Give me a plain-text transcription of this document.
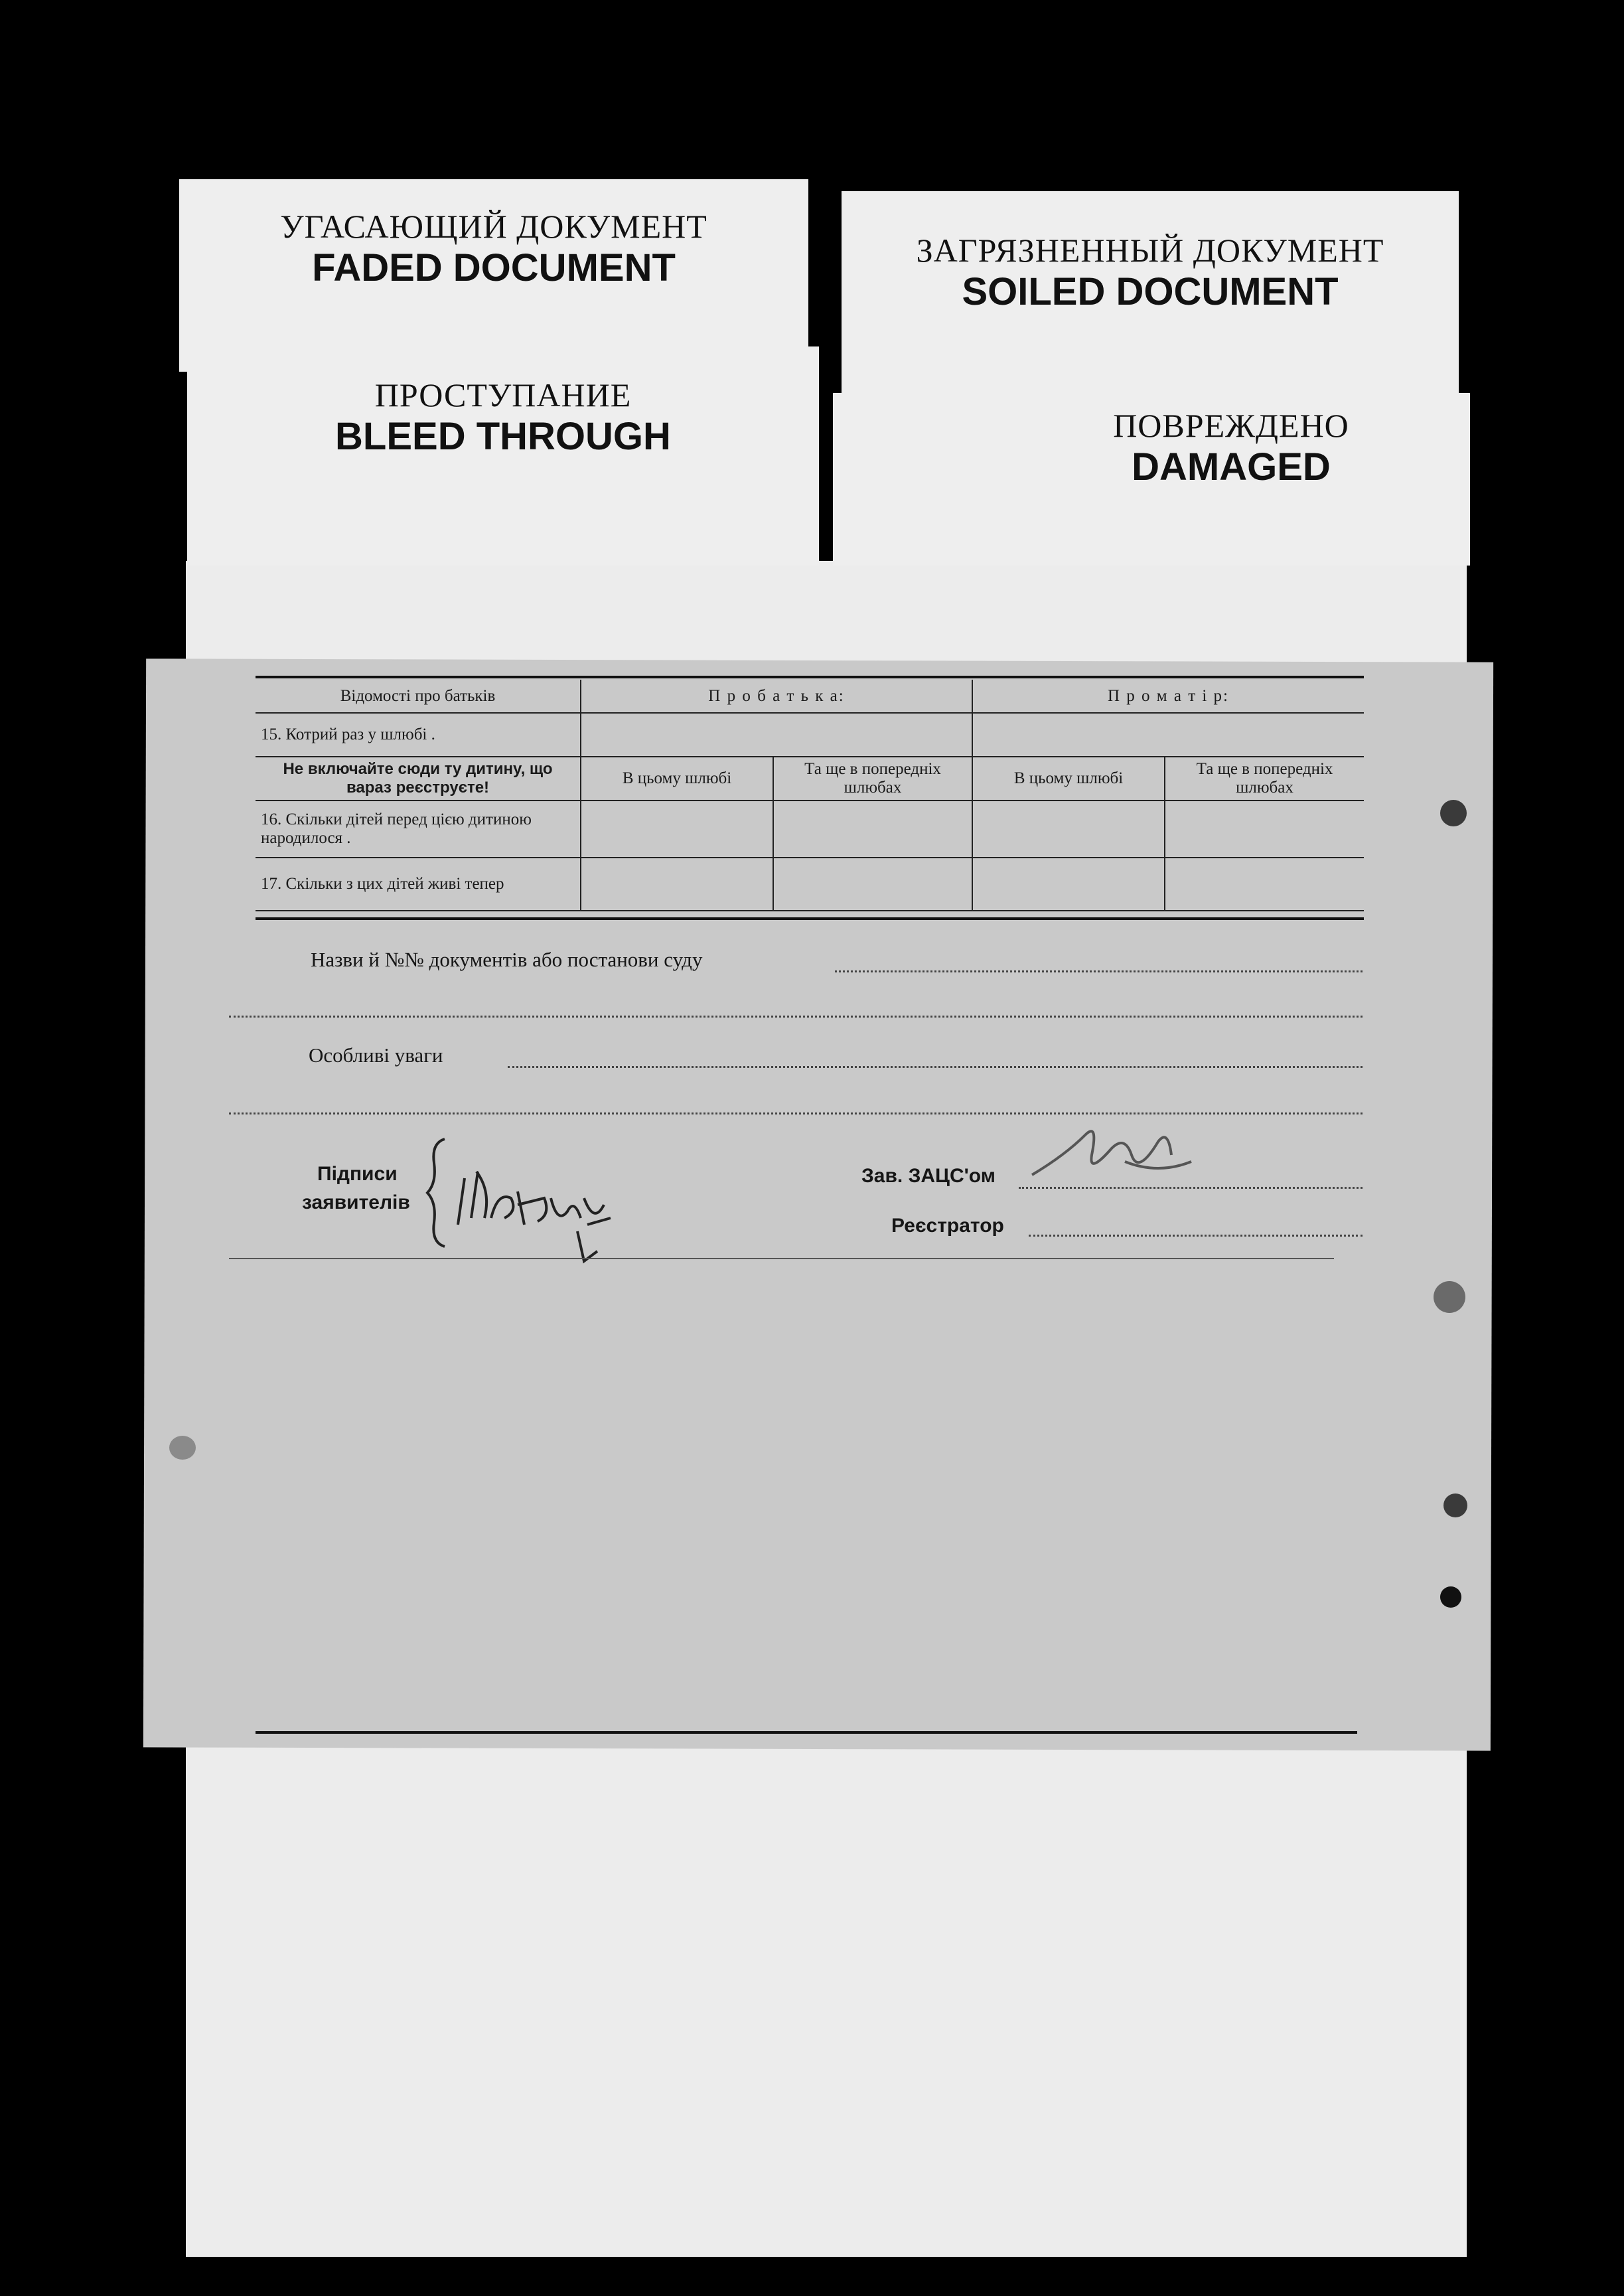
УГАСАЮЩИЙ ДОКУМЕНТ
FADED DOCUMENT	ЗАГРЯЗНЕННЫЙ ДОКУМЕНТ
SOILED DOCUMENT
ПРОСТУПАНИЕ
BLEED THROUGH	ПОВРЕЖДЕНО
DAMAGED
Відомості про батьків	П р о б а т ь к а:		П р о м а т і р:	
15. Котрий раз у шлюбі .				
Не включайте сюди ту дитину, що вараз реєструєте!	В цьому шлюбі	Та ще в попередніх шлюбах	В цьому шлюбі	Та ще в попередніх шлюбах
16. Скільки дітей перед цією дитиною народилося .				
17. Скільки з цих дітей живі тепер				
Назви й №№ документів або постанови суду
Особливі уваги
Підписи
заявителів
Зав. ЗАЦС'ом
Реєстратор
